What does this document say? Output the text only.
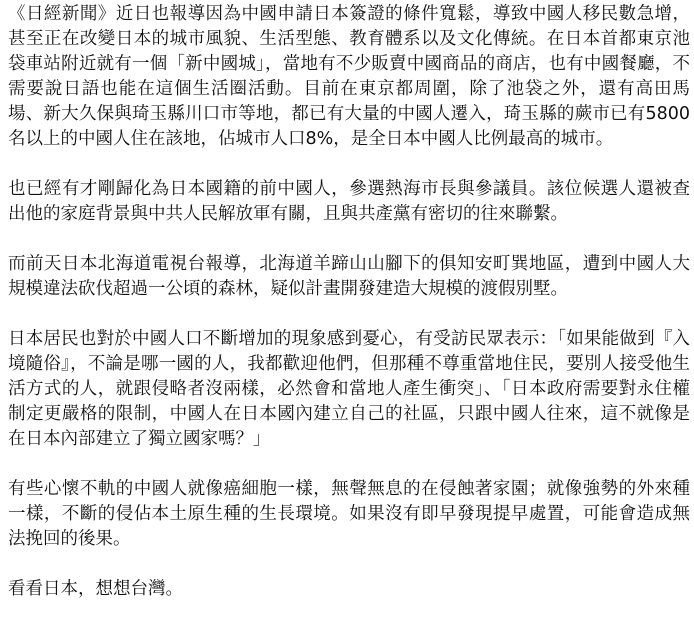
《日經新聞》近日也報導因為中國申請日本簽證的條件寬鬆，導致中國人移民數急增，甚至正在改變日本的城市風貌、生活型態、教育體系以及文化傳統。在日本首都東京池袋車站附近就有一個「新中國城」，當地有不少販賣中國商品的商店，也有中國餐廳，不需要說日語也能在這個生活圈活動。目前在東京都周圍，除了池袋之外，還有高田馬場、新大久保與琦玉縣川口市等地，都已有大量的中國人遷入，琦玉縣的蕨市已有5800名以上的中國人住在該地，佔城市人口8%，是全日本中國人比例最高的城市。

也已經有才剛歸化為日本國籍的前中國人，參選熱海市長與參議員。該位候選人還被查出他的家庭背景與中共人民解放軍有關，且與共產黨有密切的往來聯繫。

而前天日本北海道電視台報導，北海道羊蹄山山腳下的俱知安町巽地區，遭到中國人大規模違法砍伐超過一公頃的森林，疑似計畫開發建造大規模的渡假別墅。

日本居民也對於中國人口不斷增加的現象感到憂心，有受訪民眾表示：「如果能做到『入境隨俗』，不論是哪一國的人，我都歡迎他們，但那種不尊重當地住民，要別人接受他生活方式的人，就跟侵略者沒兩樣，必然會和當地人產生衝突」、「日本政府需要對永住權制定更嚴格的限制，中國人在日本國內建立自己的社區，只跟中國人往來，這不就像是在日本內部建立了獨立國家嗎？」

有些心懷不軌的中國人就像癌細胞一樣，無聲無息的在侵蝕著家園；就像強勢的外來種一樣，不斷的侵佔本土原生種的生長環境。如果沒有即早發現提早處置，可能會造成無法挽回的後果。

看看日本，想想台灣。
